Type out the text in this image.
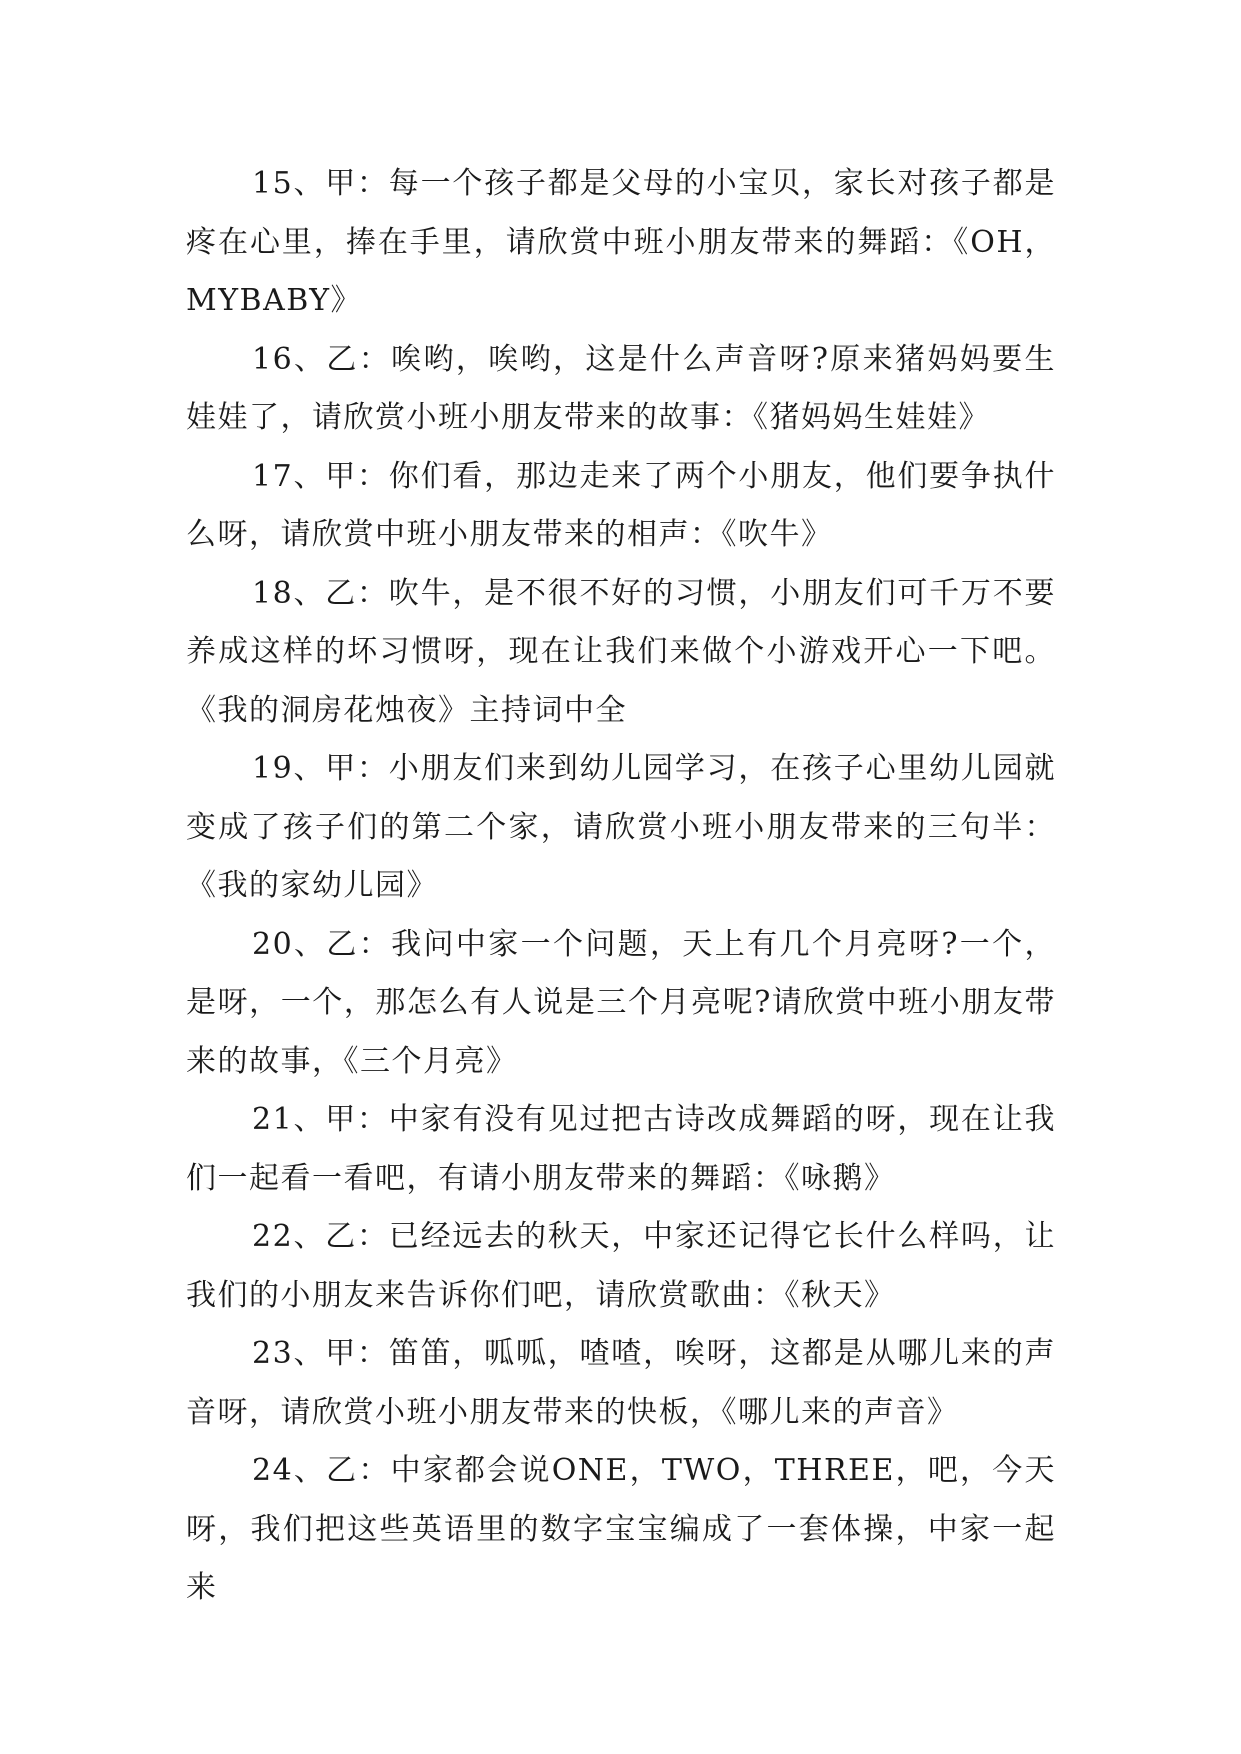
15、甲：每一个孩子都是父母的小宝贝，家长对孩子都是疼在心里，捧在手里，请欣赏中班小朋友带来的舞蹈：《OH，MYBABY》

16、乙：唉哟，唉哟，这是什么声音呀?原来猪妈妈要生娃娃了，请欣赏小班小朋友带来的故事：《猪妈妈生娃娃》

17、甲：你们看，那边走来了两个小朋友，他们要争执什么呀，请欣赏中班小朋友带来的相声：《吹牛》

18、乙：吹牛，是不很不好的习惯，小朋友们可千万不要养成这样的坏习惯呀，现在让我们来做个小游戏开心一下吧。《我的洞房花烛夜》主持词中全

19、甲：小朋友们来到幼儿园学习，在孩子心里幼儿园就变成了孩子们的第二个家，请欣赏小班小朋友带来的三句半：《我的家幼儿园》

20、乙：我问中家一个问题，天上有几个月亮呀?一个，是呀，一个，那怎么有人说是三个月亮呢?请欣赏中班小朋友带来的故事，《三个月亮》

21、甲：中家有没有见过把古诗改成舞蹈的呀，现在让我们一起看一看吧，有请小朋友带来的舞蹈：《咏鹅》

22、乙：已经远去的秋天，中家还记得它长什么样吗，让我们的小朋友来告诉你们吧，请欣赏歌曲：《秋天》

23、甲：笛笛，呱呱，喳喳，唉呀，这都是从哪儿来的声音呀，请欣赏小班小朋友带来的快板，《哪儿来的声音》

24、乙：中家都会说ONE，TWO，THREE，吧，今天呀，我们把这些英语里的数字宝宝编成了一套体操，中家一起来
